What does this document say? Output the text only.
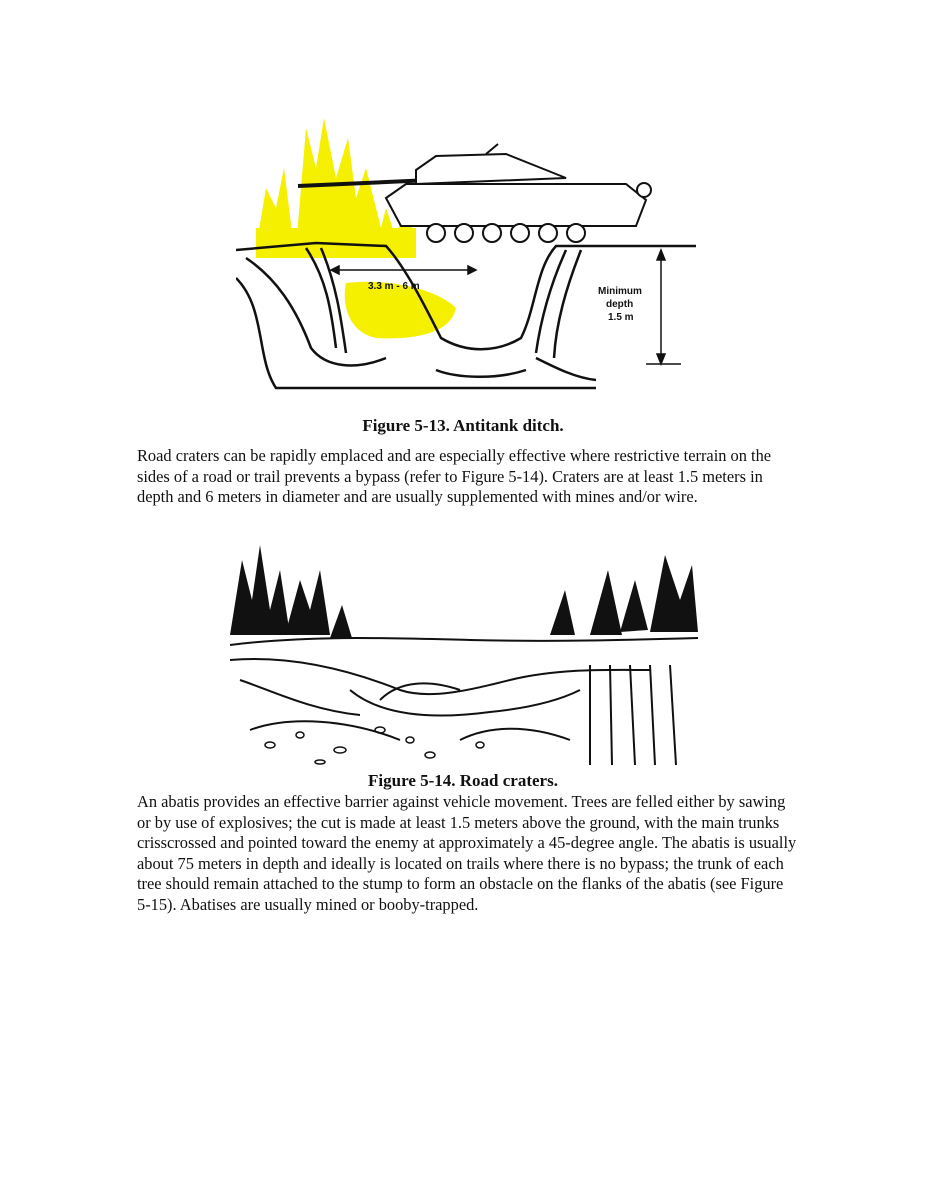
3.3 m - 6 m	Minimum
depth
1.5 m
Figure 5-13. Antitank ditch.

Road craters can be rapidly emplaced and are especially effective where restrictive terrain on the sides of a road or trail prevents a bypass (refer to Figure 5-14). Craters are at least 1.5 meters in depth and 6 meters in diameter and are usually supplemented with mines and/or wire.

Figure 5-14. Road craters.

An abatis provides an effective barrier against vehicle movement. Trees are felled either by sawing or by use of explosives; the cut is made at least 1.5 meters above the ground, with the main trunks crisscrossed and pointed toward the enemy at approximately a 45-degree angle. The abatis is usually about 75 meters in depth and ideally is located on trails where there is no bypass; the trunk of each tree should remain attached to the stump to form an obstacle on the flanks of the abatis (see Figure 5-15). Abatises are usually mined or booby-trapped.
